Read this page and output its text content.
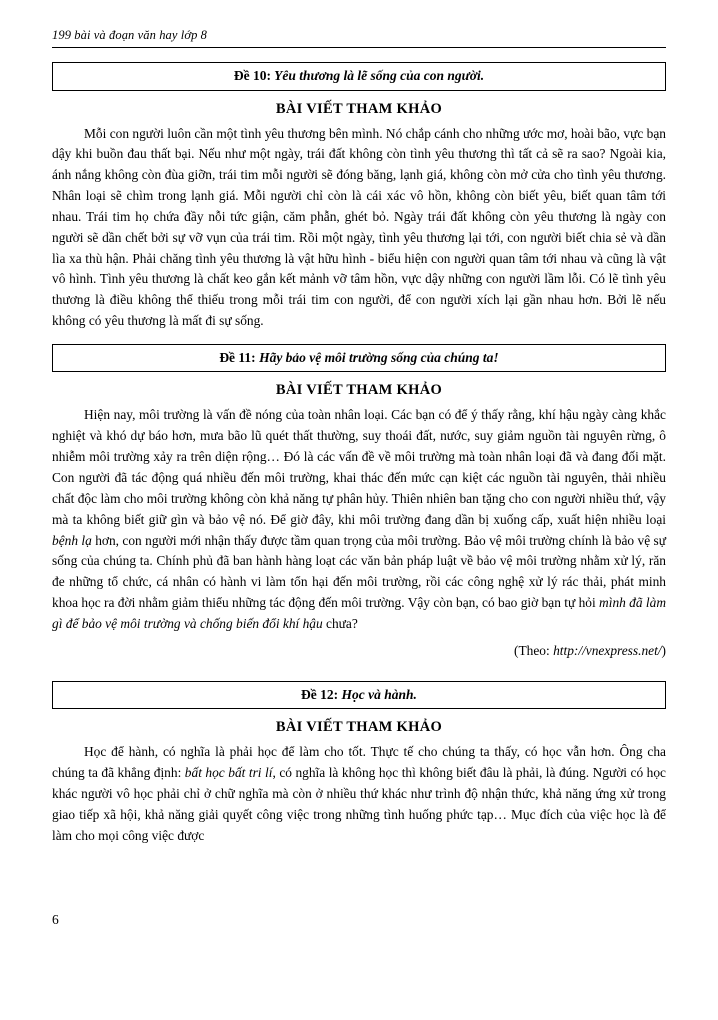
199 bài và đoạn văn hay lớp 8
Đề 10: Yêu thương là lẽ sống của con người.
BÀI VIẾT THAM KHẢO

Mỗi con người luôn cần một tình yêu thương bên mình. Nó chắp cánh cho những ước mơ, hoài bão, vực bạn dậy khi buồn đau thất bại. Nếu như một ngày, trái đất không còn tình yêu thương thì tất cả sẽ ra sao? Ngoài kia, ánh nắng không còn đùa giỡn, trái tim mỗi người sẽ đóng băng, lạnh giá, không còn mở cửa cho tình yêu thương. Nhân loại sẽ chìm trong lạnh giá. Mỗi người chỉ còn là cái xác vô hồn, không còn biết yêu, biết quan tâm tới nhau. Trái tim họ chứa đầy nỗi tức giận, căm phẫn, ghét bỏ. Ngày trái đất không còn yêu thương là ngày con người sẽ dần chết bởi sự vỡ vụn của trái tim. Rồi một ngày, tình yêu thương lại tới, con người biết chia sẻ và dần lìa xa thù hận. Phải chăng tình yêu thương là vật hữu hình - biểu hiện con người quan tâm tới nhau và cũng là vật vô hình. Tình yêu thương là chất keo gắn kết mảnh vỡ tâm hồn, vực dậy những con người lầm lỗi. Có lẽ tình yêu thương là điều không thể thiếu trong mỗi trái tim con người, để con người xích lại gần nhau hơn. Bởi lẽ nếu không có yêu thương là mất đi sự sống.

Đề 11: Hãy bảo vệ môi trường sống của chúng ta!
BÀI VIẾT THAM KHẢO

Hiện nay, môi trường là vấn đề nóng của toàn nhân loại. Các bạn có để ý thấy rằng, khí hậu ngày càng khắc nghiệt và khó dự báo hơn, mưa bão lũ quét thất thường, suy thoái đất, nước, suy giảm nguồn tài nguyên rừng, ô nhiễm môi trường xảy ra trên diện rộng… Đó là các vấn đề về môi trường mà toàn nhân loại đã và đang đối mặt. Con người đã tác động quá nhiều đến môi trường, khai thác đến mức cạn kiệt các nguồn tài nguyên, thải nhiều chất độc làm cho môi trường không còn khả năng tự phân hủy. Thiên nhiên ban tặng cho con người nhiều thứ, vậy mà ta không biết giữ gìn và bảo vệ nó. Để giờ đây, khi môi trường đang dần bị xuống cấp, xuất hiện nhiều loại bệnh lạ hơn, con người mới nhận thấy được tầm quan trọng của môi trường. Bảo vệ môi trường chính là bảo vệ sự sống của chúng ta. Chính phủ đã ban hành hàng loạt các văn bản pháp luật về bảo vệ môi trường nhằm xử lý, răn đe những tổ chức, cá nhân có hành vi làm tổn hại đến môi trường, rồi các công nghệ xử lý rác thải, phát minh khoa học ra đời nhằm giảm thiểu những tác động đến môi trường. Vậy còn bạn, có bao giờ bạn tự hỏi mình đã làm gì để bảo vệ môi trường và chống biến đổi khí hậu chưa?

(Theo: http://vnexpress.net/)

Đề 12: Học và hành.
BÀI VIẾT THAM KHẢO

Học để hành, có nghĩa là phải học để làm cho tốt. Thực tế cho chúng ta thấy, có học vẫn hơn. Ông cha chúng ta đã khẳng định: bất học bất tri lí, có nghĩa là không học thì không biết đâu là phải, là đúng. Người có học khác người vô học phải chỉ ở chữ nghĩa mà còn ở nhiều thứ khác như trình độ nhận thức, khả năng ứng xử trong giao tiếp xã hội, khả năng giải quyết công việc trong những tình huống phức tạp… Mục đích của việc học là để làm cho mọi công việc được

6
